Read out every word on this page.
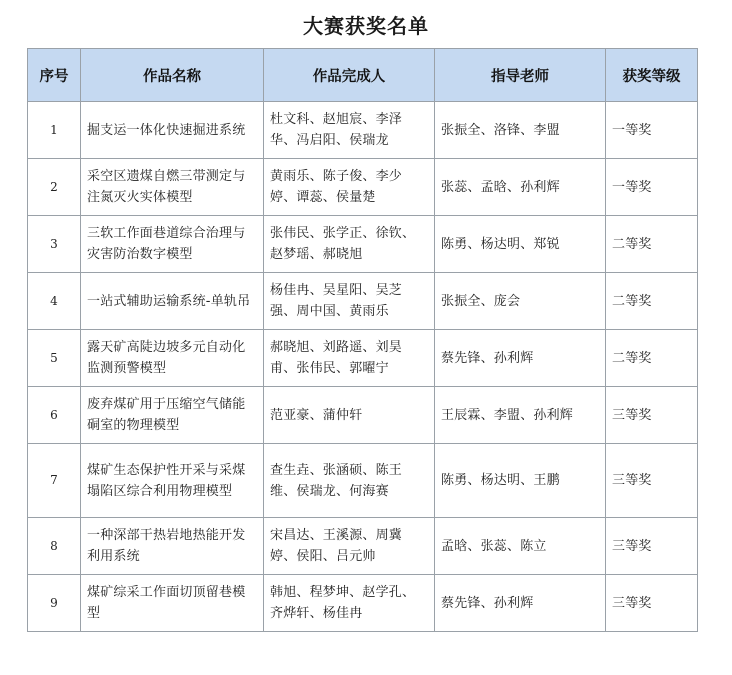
大赛获奖名单
序号	作品名称	作品完成人	指导老师	获奖等级
1	掘支运一体化快速掘进系统	杜文科、赵旭宸、李泽华、冯启阳、侯瑞龙	张振全、洛锋、李盟	一等奖
2	采空区遗煤自燃三带测定与注氮灭火实体模型	黄雨乐、陈子俊、李少婷、谭蕊、侯量楚	张蕊、孟晗、孙利辉	一等奖
3	三软工作面巷道综合治理与灾害防治数字模型	张伟民、张学正、徐钦、赵梦瑶、郝晓旭	陈勇、杨达明、郑锐	二等奖
4	一站式辅助运输系统-单轨吊	杨佳冉、吴星阳、吴芝强、周中国、黄雨乐	张振全、庞会	二等奖
5	露天矿高陡边坡多元自动化监测预警模型	郝晓旭、刘路遥、刘昊甫、张伟民、郭曜宁	蔡先锋、孙利辉	二等奖
6	废弃煤矿用于压缩空气储能硐室的物理模型	范亚豪、蒲仲轩	王辰霖、李盟、孙利辉	三等奖
7	煤矿生态保护性开采与采煤塌陷区综合利用物理模型	查生垚、张涵硕、陈王维、侯瑞龙、何海赛	陈勇、杨达明、王鹏	三等奖
8	一种深部干热岩地热能开发利用系统	宋昌达、王溪源、周冀婷、侯阳、吕元帅	孟晗、张蕊、陈立	三等奖
9	煤矿综采工作面切顶留巷模型	韩旭、程梦坤、赵学孔、齐烨轩、杨佳冉	蔡先锋、孙利辉	三等奖
